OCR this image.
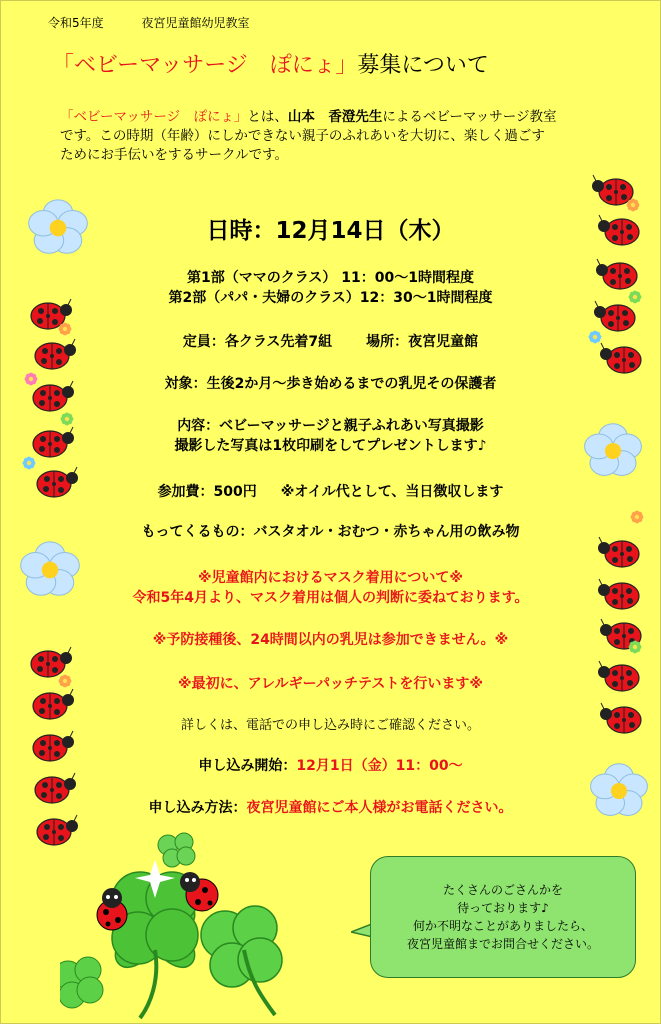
令和5年度	夜宮児童館幼児教室
「ベビーマッサージ　ぽにょ」募集について
「ベビーマッサージ　ぽにょ」とは、山本　香澄先生によるベビーマッサージ教室
です。この時期（年齢）にしかできない親子のふれあいを大切に、楽しく過ごす
ためにお手伝いをするサークルです。
日時：12月14日（木）
第1部（ママのクラス） 11：00～1時間程度
第2部（パパ・夫婦のクラス）12：30～1時間程度
定員：各クラス先着7組 場所：夜宮児童館
対象：生後2か月～歩き始めるまでの乳児その保護者
内容：ベビーマッサージと親子ふれあい写真撮影
撮影した写真は1枚印刷をしてプレゼントします♪
参加費：500円 ※オイル代として、当日徴収します
もってくるもの：バスタオル・おむつ・赤ちゃん用の飲み物
※児童館内におけるマスク着用について※
令和5年4月より、マスク着用は個人の判断に委ねております。
※予防接種後、24時間以内の乳児は参加できません。※
※最初に、アレルギーパッチテストを行います※
詳しくは、電話での申し込み時にご確認ください。
申し込み開始：12月1日（金）11：00～
申し込み方法：夜宮児童館にご本人様がお電話ください。
たくさんのごさんかを
待っております♪
何か不明なことがありましたら、
夜宮児童館までお問合せください。
